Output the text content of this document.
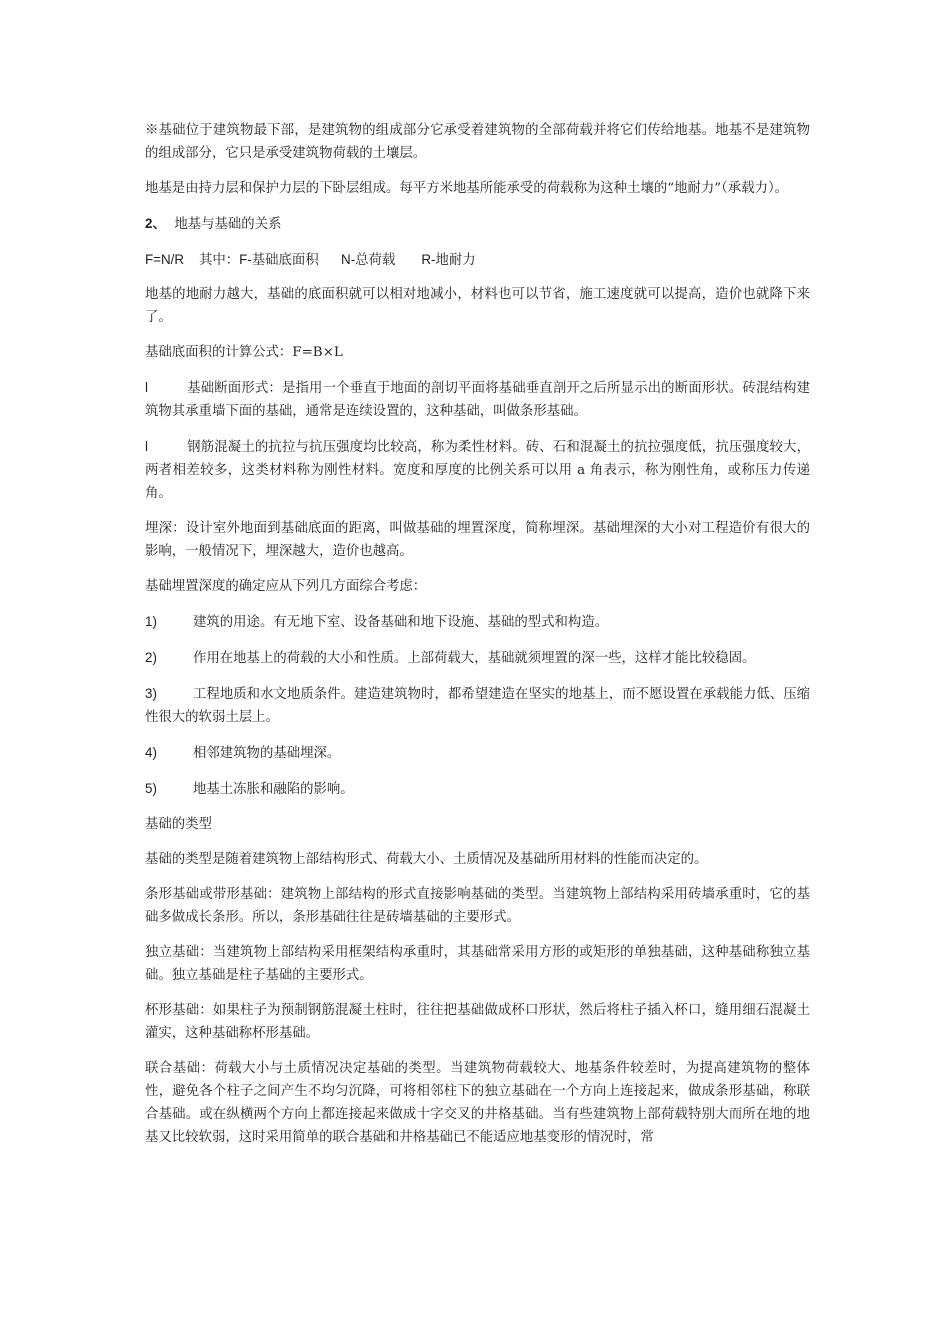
※基础位于建筑物最下部，是建筑物的组成部分它承受着建筑物的全部荷载并将它们传给地基。地基不是建筑物的组成部分，它只是承受建筑物荷载的土壤层。

地基是由持力层和保护力层的下卧层组成。每平方米地基所能承受的荷载称为这种土壤的“地耐力”（承载力）。

2、 地基与基础的关系

F=N/R    其中：F-基础底面积      N-总荷载       R-地耐力

地基的地耐力越大，基础的底面积就可以相对地减小，材料也可以节省，施工速度就可以提高，造价也就降下来了。

基础底面积的计算公式：F=B×L

l	基础断面形式：是指用一个垂直于地面的剖切平面将基础垂直剖开之后所显示出的断面形状。砖混结构建筑物其承重墙下面的基础，通常是连续设置的，这种基础，叫做条形基础。

l	钢筋混凝土的抗拉与抗压强度均比较高，称为柔性材料。砖、石和混凝土的抗拉强度低，抗压强度较大，两者相差较多，这类材料称为刚性材料。宽度和厚度的比例关系可以用 a 角表示，称为刚性角，或称压力传递角。

埋深：设计室外地面到基础底面的距离，叫做基础的埋置深度，简称埋深。基础埋深的大小对工程造价有很大的影响，一般情况下，埋深越大，造价也越高。

基础埋置深度的确定应从下列几方面综合考虑：

1)	建筑的用途。有无地下室、设备基础和地下设施、基础的型式和构造。

2)	作用在地基上的荷载的大小和性质。上部荷载大，基础就须埋置的深一些，这样才能比较稳固。

3)	工程地质和水文地质条件。建造建筑物时，都希望建造在坚实的地基上，而不愿设置在承载能力低、压缩性很大的软弱土层上。

4)	相邻建筑物的基础埋深。

5)	地基土冻胀和融陷的影响。

基础的类型

基础的类型是随着建筑物上部结构形式、荷载大小、土质情况及基础所用材料的性能而决定的。

条形基础或带形基础：建筑物上部结构的形式直接影响基础的类型。当建筑物上部结构采用砖墙承重时，它的基础多做成长条形。所以，条形基础往往是砖墙基础的主要形式。

独立基础：当建筑物上部结构采用框架结构承重时，其基础常采用方形的或矩形的单独基础，这种基础称独立基础。独立基础是柱子基础的主要形式。

杯形基础：如果柱子为预制钢筋混凝土柱时，往往把基础做成杯口形状，然后将柱子插入杯口，缝用细石混凝土灌实，这种基础称杯形基础。

联合基础：荷载大小与土质情况决定基础的类型。当建筑物荷载较大、地基条件较差时，为提高建筑物的整体性，避免各个柱子之间产生不均匀沉降，可将相邻柱下的独立基础在一个方向上连接起来，做成条形基础，称联合基础。或在纵横两个方向上都连接起来做成十字交叉的井格基础。当有些建筑物上部荷载特别大而所在地的地基又比较软弱，这时采用简单的联合基础和井格基础已不能适应地基变形的情况时，常
